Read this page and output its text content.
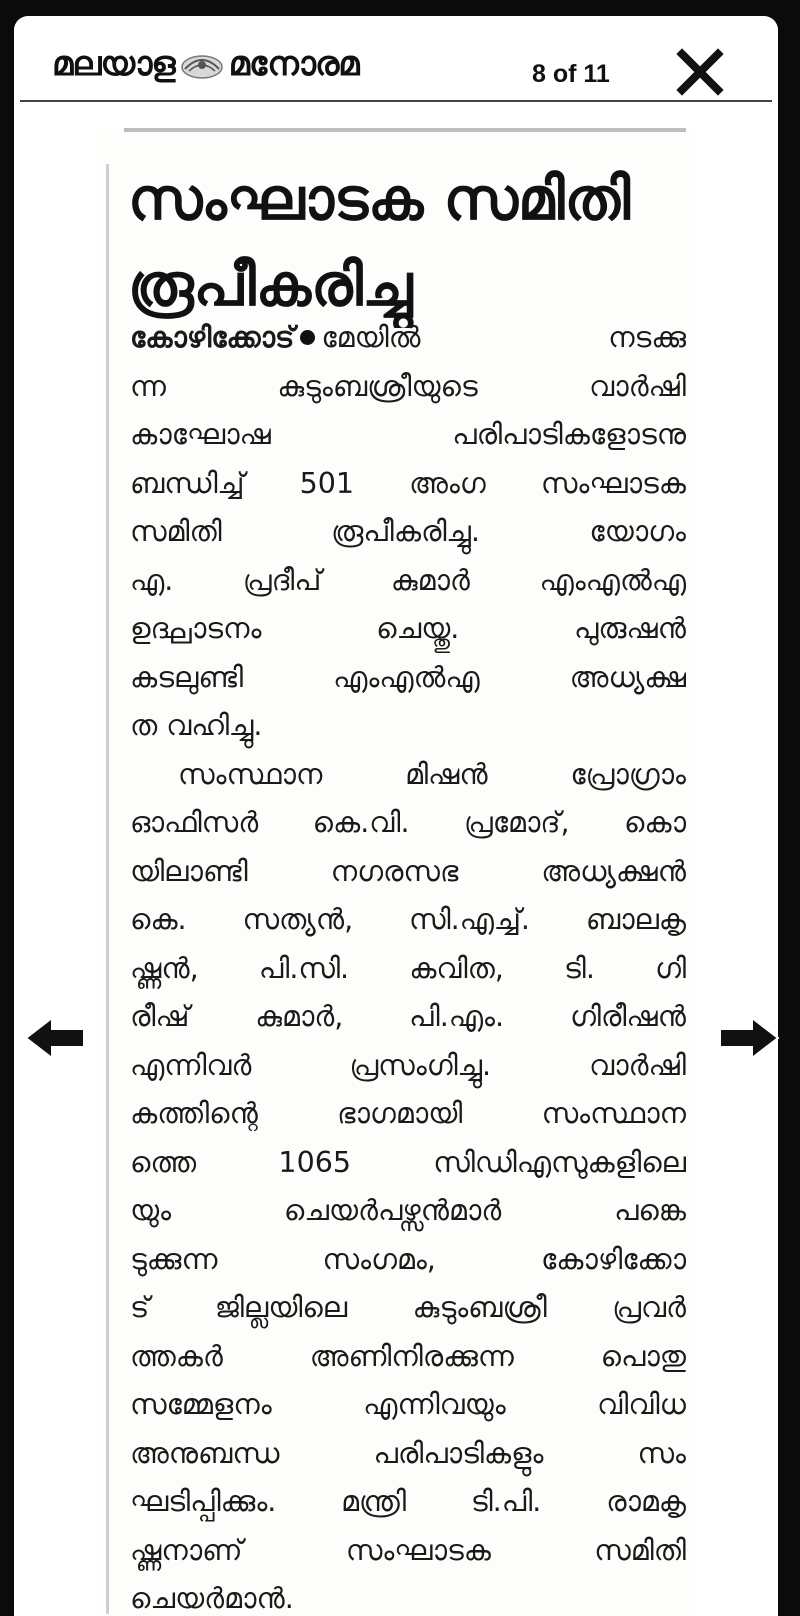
മലയാള മനോരമ	8 of 11
സംഘാടക സമിതി
രൂപീകരിച്ചു
കോഴിക്കോട് മേയിൽ നടക്കു
ന്ന കുടുംബശ്രീയുടെ വാർഷി
കാഘോഷ പരിപാടികളോടനു
ബന്ധിച്ച് 501 അംഗ സംഘാടക
സമിതി രൂപീകരിച്ചു. യോഗം
എ. പ്രദീപ് കുമാർ എംഎൽഎ
ഉദ്ഘാടനം ചെയ്തു. പുരുഷൻ
കടലുണ്ടി എംഎൽഎ അധ്യക്ഷ
ത വഹിച്ചു.
സംസ്ഥാന മിഷൻ പ്രോഗ്രാം
ഓഫിസർ കെ.വി. പ്രമോദ്, കൊ
യിലാണ്ടി നഗരസഭ അധ്യക്ഷൻ
കെ. സത്യൻ, സി.എച്ച്. ബാലകൃ
ഷ്ണൻ, പി.സി. കവിത, ടി. ഗി
രീഷ് കുമാർ, പി.എം. ഗിരീഷൻ
എന്നിവർ പ്രസംഗിച്ചു. വാർഷി
കത്തിന്റെ ഭാഗമായി സംസ്ഥാന
ത്തെ 1065 സിഡിഎസുകളിലെ
യും ചെയർപഴ്സൻമാർ പങ്കെ
ടുക്കുന്ന സംഗമം, കോഴിക്കോ
ട് ജില്ലയിലെ കുടുംബശ്രീ പ്രവർ
ത്തകർ അണിനിരക്കുന്ന പൊതു
സമ്മേളനം എന്നിവയും വിവിധ
അനുബന്ധ പരിപാടികളും സം
ഘടിപ്പിക്കും. മന്ത്രി ടി.പി. രാമകൃ
ഷ്ണനാണ് സംഘാടക സമിതി
ചെയർമാൻ.
